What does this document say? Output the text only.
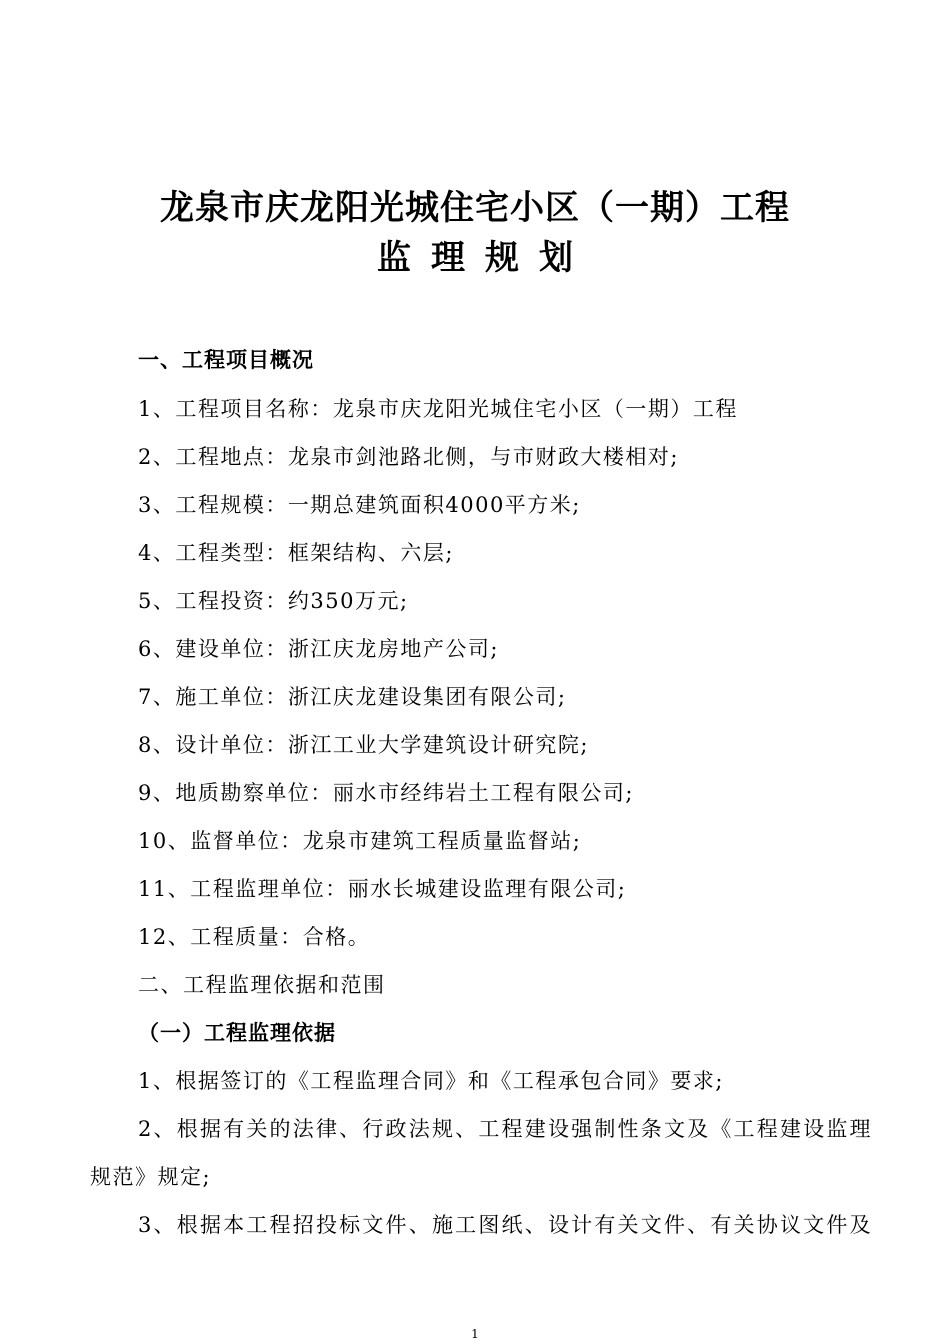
龙泉市庆龙阳光城住宅小区（一期）工程
监理规划
一、工程项目概况
1、工程项目名称：龙泉市庆龙阳光城住宅小区（一期）工程
2、工程地点：龙泉市剑池路北侧，与市财政大楼相对;
3、工程规模：一期总建筑面积4000平方米;
4、工程类型：框架结构、六层;
5、工程投资：约350万元;
6、建设单位：浙江庆龙房地产公司;
7、施工单位：浙江庆龙建设集团有限公司;
8、设计单位：浙江工业大学建筑设计研究院;
9、地质勘察单位：丽水市经纬岩土工程有限公司;
10、监督单位：龙泉市建筑工程质量监督站;
11、工程监理单位：丽水长城建设监理有限公司;
12、工程质量：合格。
二、工程监理依据和范围
（一）工程监理依据
1、根据签订的《工程监理合同》和《工程承包合同》要求;
2、根据有关的法律、行政法规、工程建设强制性条文及《工程建设监理
规范》规定;
3、根据本工程招投标文件、施工图纸、设计有关文件、有关协议文件及
1
